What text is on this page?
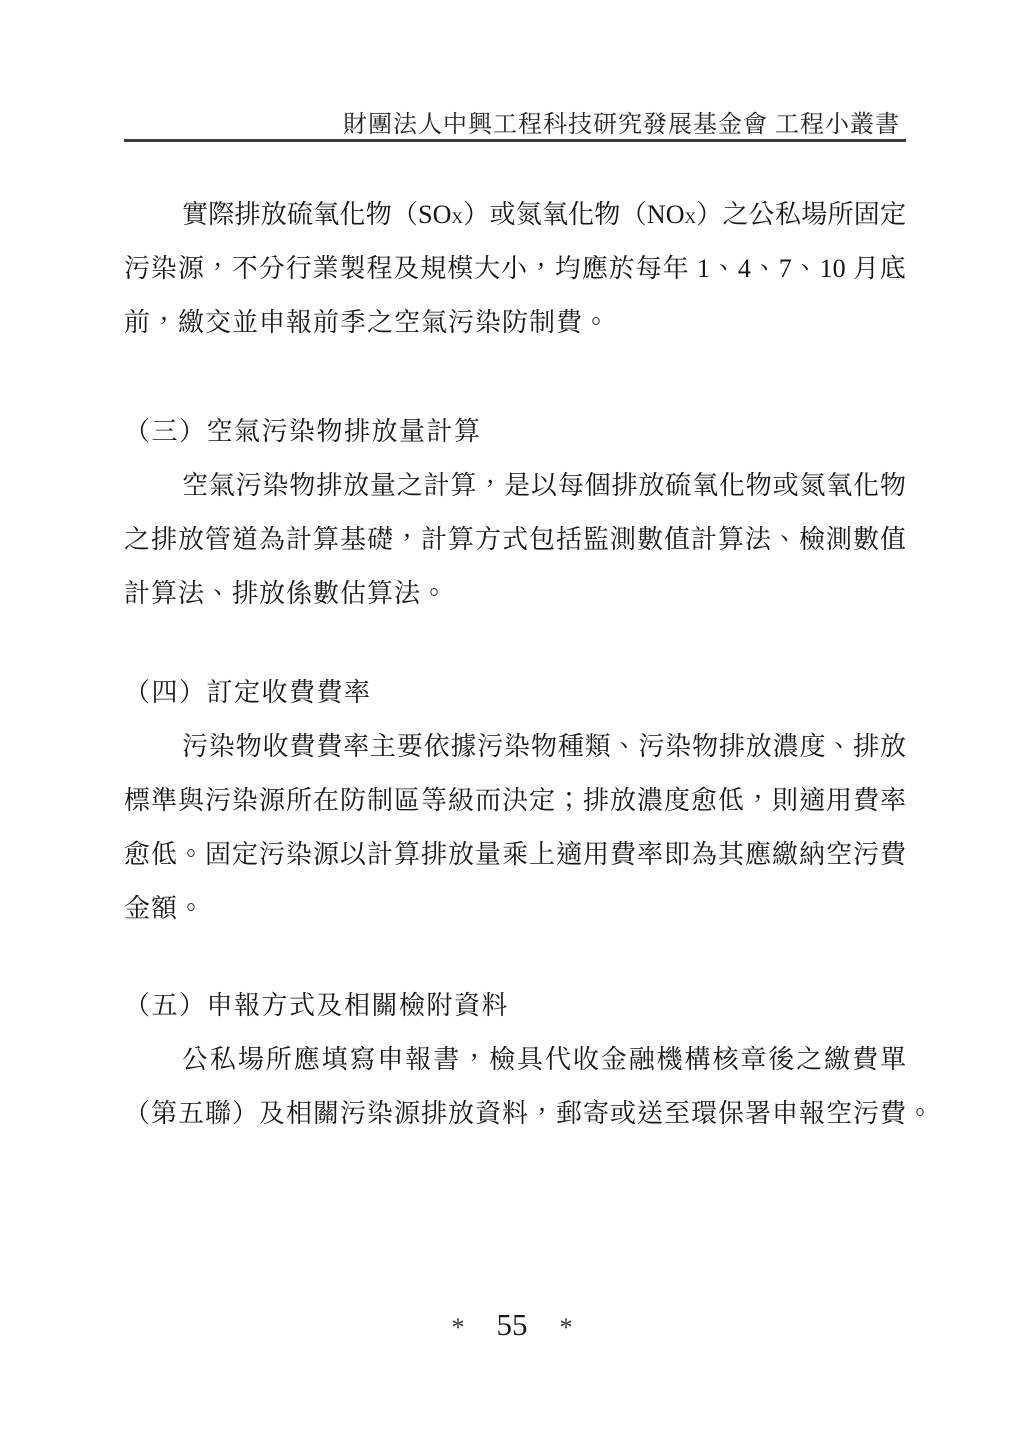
財團法人中興工程科技研究發展基金會 工程小叢書
實際排放硫氧化物（SOX）或氮氧化物（NOX）之公私場所固定
污染源，不分行業製程及規模大小，均應於每年 1、4、7、10 月底
前，繳交並申報前季之空氣污染防制費。
（三）空氣污染物排放量計算
空氣污染物排放量之計算，是以每個排放硫氧化物或氮氧化物
之排放管道為計算基礎，計算方式包括監測數值計算法、檢測數值
計算法、排放係數估算法。
（四）訂定收費費率
污染物收費費率主要依據污染物種類、污染物排放濃度、排放
標準與污染源所在防制區等級而決定；排放濃度愈低，則適用費率
愈低。固定污染源以計算排放量乘上適用費率即為其應繳納空污費
金額。
（五）申報方式及相關檢附資料
公私場所應填寫申報書，檢具代收金融機構核章後之繳費單
（第五聯）及相關污染源排放資料，郵寄或送至環保署申報空污費。
* 55 *
